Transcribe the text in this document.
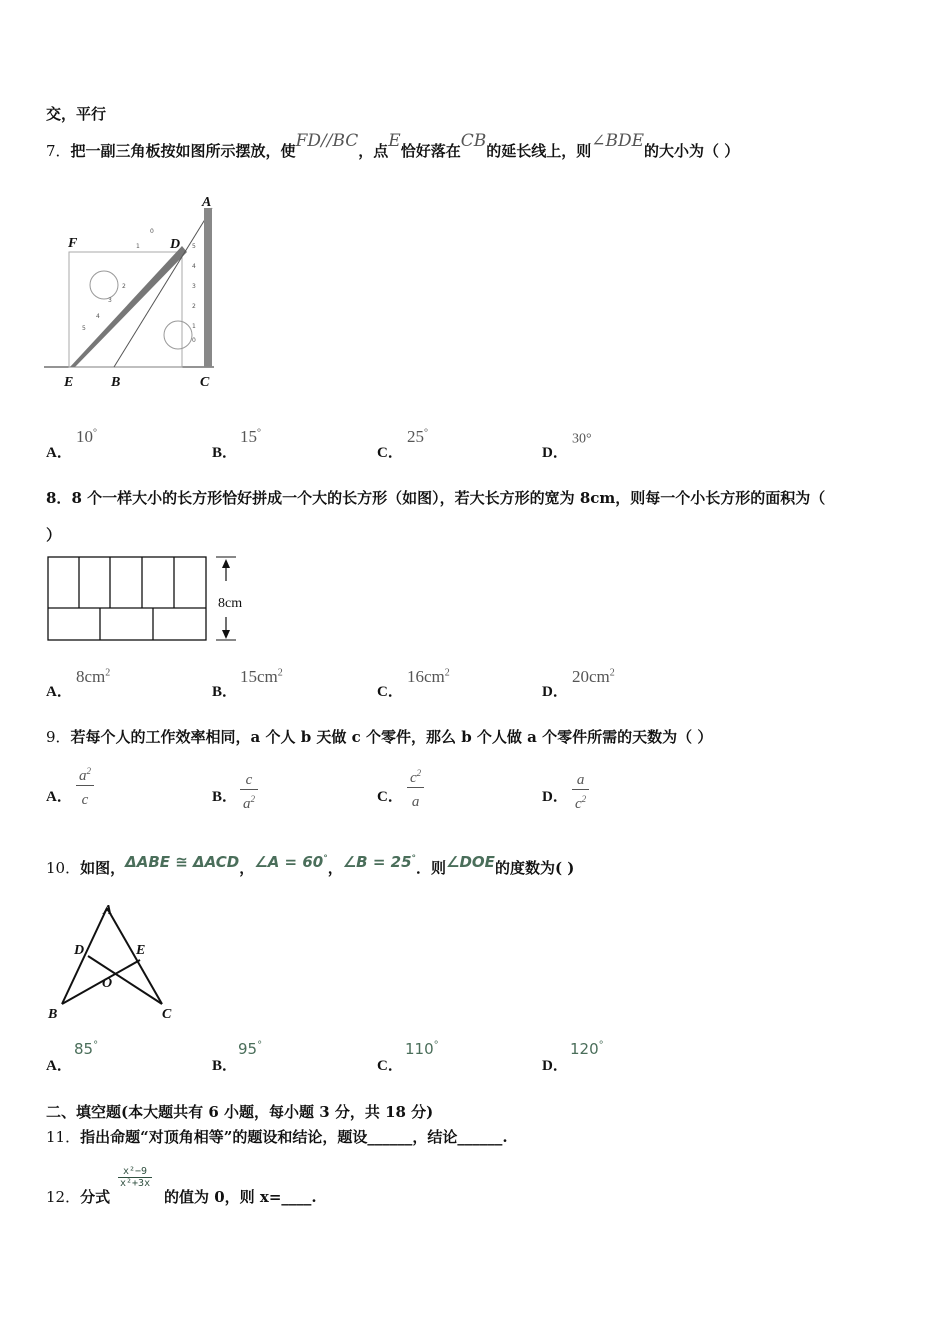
交，平行
7．把一副三角板按如图所示摆放，使FD//BC，点E恰好落在CB的延长线上，则∠BDE的大小为（ ）
0
1
2
3
4
5
5
4
3
2
1
0
A
F	D
E	B	C
A．
10°
B．
15°
C．
25°
D．
30°
8．8 个一样大小的长方形恰好拼成一个大的长方形（如图），若大长方形的宽为 8cm，则每一个小长方形的面积为（
）
8cm
A．
$8cm^2$
B．
$15cm^2$
C．
$16cm^2$
D．
$20cm^2$
9．若每个人的工作效率相同，a 个人 b 天做 c 个零件，那么 b 个人做 a 个零件所需的天数为（ ）
A． $\frac{a^2}{c}$	B． $\frac{c}{a^2}$	C． $\frac{c^2}{a}$	D． $\frac{a}{c^2}$
10．如图，ΔABE ≅ ΔACD，∠A = 60°，∠B = 25°．则∠DOE的度数为( )
A
D	E
O
B	C
A．
85°
B．
95°
C．
110°
D．
120°
二、填空题(本大题共有 6 小题，每小题 3 分，共 18 分)
11．指出命题“对顶角相等”的题设和结论，题设______，结论______.
12．分式
$\frac{\text{x²−9}}{\text{x²+3x}}$
的值为 0，则 x=____.
